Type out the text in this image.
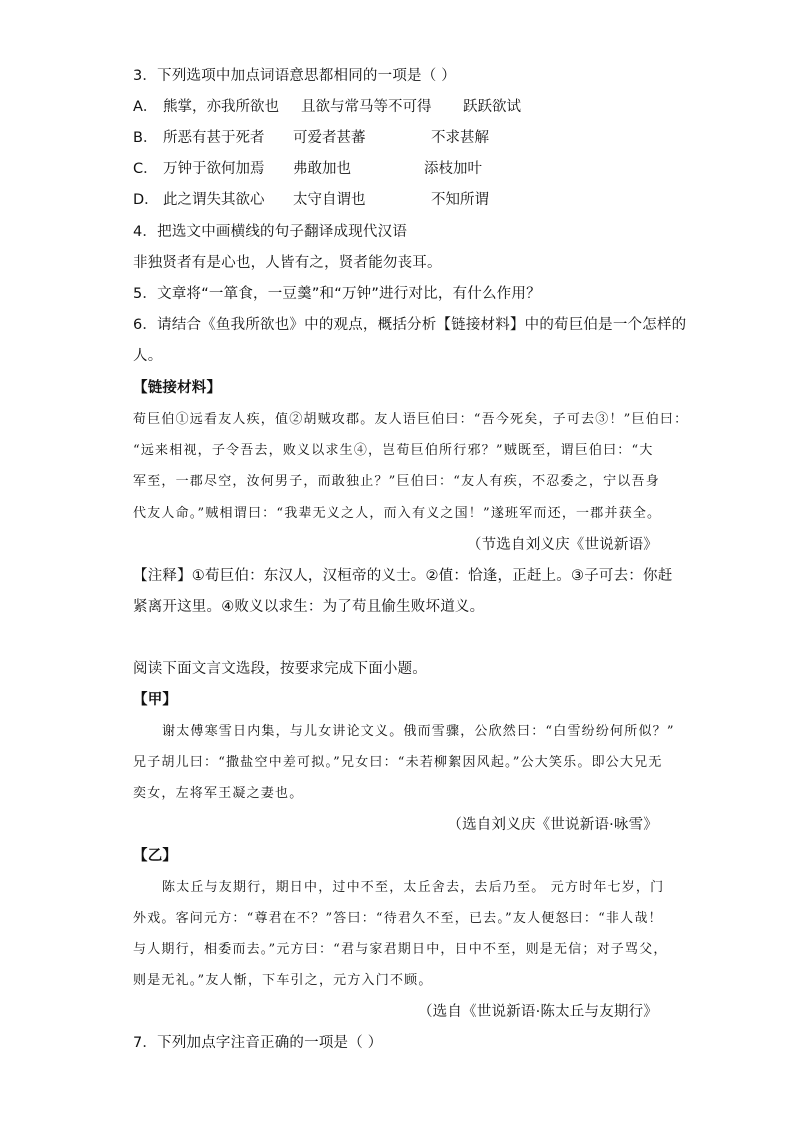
3．下列选项中加点词语意思都相同的一项是（ ）
A． 熊掌，亦我所欲也 且欲与常马等不可得 跃跃欲试
B． 所恶有甚于死者 可爱者甚蕃	不求甚解
C． 万钟于欲何加焉 弗敢加也	添枝加叶
D． 此之谓失其欲心 太守自谓也	不知所谓
4．把选文中画横线的句子翻译成现代汉语
非独贤者有是心也，人皆有之，贤者能勿丧耳。
5．文章将“一箪食，一豆羹”和“万钟”进行对比，有什么作用？
6．请结合《鱼我所欲也》中的观点，概括分析【链接材料】中的荀巨伯是一个怎样的
人。
【链接材料】
荀巨伯①远看友人疾，值②胡贼攻郡。友人语巨伯曰：“吾今死矣，子可去③！”巨伯曰：
“远来相视，子令吾去，败义以求生④，岂荀巨伯所行邪？”贼既至，谓巨伯曰：“大
军至，一郡尽空，汝何男子，而敢独止？”巨伯曰：“友人有疾，不忍委之，宁以吾身
代友人命。”贼相谓曰：“我辈无义之人，而入有义之国！”遂班军而还，一郡并获全。
（节选自刘义庆《世说新语》
【注释】①荀巨伯：东汉人，汉桓帝的义士。②值：恰逢，正赶上。③子可去：你赶
紧离开这里。④败义以求生：为了苟且偷生败坏道义。
阅读下面文言文选段，按要求完成下面小题。
【甲】
谢太傅寒雪日内集，与儿女讲论文义。俄而雪骤，公欣然曰：“白雪纷纷何所似？”
兄子胡儿曰：“撒盐空中差可拟。”兄女曰：“未若柳絮因风起。”公大笑乐。即公大兄无
奕女，左将军王凝之妻也。
（选自刘义庆《世说新语·咏雪》
【乙】
陈太丘与友期行，期日中，过中不至，太丘舍去，去后乃至。 元方时年七岁，门
外戏。客问元方：“尊君在不？”答曰：“待君久不至，已去。”友人便怒曰：“非人哉！
与人期行，相委而去。”元方曰：“君与家君期日中，日中不至，则是无信；对子骂父，
则是无礼。”友人惭，下车引之，元方入门不顾。
（选自《世说新语·陈太丘与友期行》
7．下列加点字注音正确的一项是（ ）
